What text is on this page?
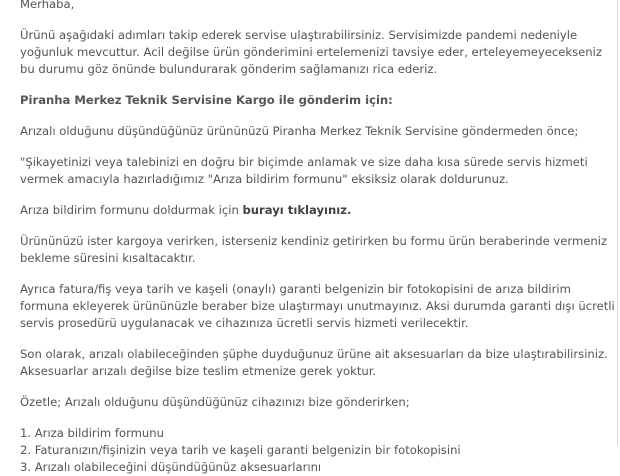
Merhaba,

Ürünü aşağıdaki adımları takip ederek servise ulaştırabilirsiniz. Servisimizde pandemi nedeniyle yoğunluk mevcuttur. Acil değilse ürün gönderimini ertelemenizi tavsiye eder, erteleyemeyecekseniz bu durumu göz önünde bulundurarak gönderim sağlamanızı rica ederiz.

Piranha Merkez Teknik Servisine Kargo ile gönderim için:

Arızalı olduğunu düşündüğünüz ürününüzü Piranha Merkez Teknik Servisine göndermeden önce;

"Şikayetinizi veya talebinizi en doğru bir biçimde anlamak ve size daha kısa sürede servis hizmeti vermek amacıyla hazırladığımız "Arıza bildirim formunu" eksiksiz olarak doldurunuz.

Arıza bildirim formunu doldurmak için burayı tıklayınız.

Ürününüzü ister kargoya verirken, isterseniz kendiniz getirirken bu formu ürün beraberinde vermeniz bekleme süresini kısaltacaktır.

Ayrıca fatura/fiş veya tarih ve kaşeli (onaylı) garanti belgenizin bir fotokopisini de arıza bildirim formuna ekleyerek ürününüzle beraber bize ulaştırmayı unutmayınız. Aksi durumda garanti dışı ücretli servis prosedürü uygulanacak ve cihazınıza ücretli servis hizmeti verilecektir.

Son olarak, arızalı olabileceğinden şüphe duyduğunuz ürüne ait aksesuarları da bize ulaştırabilirsiniz. Aksesuarlar arızalı değilse bize teslim etmenize gerek yoktur.

Özetle; Arızalı olduğunu düşündüğünüz cihazınızı bize gönderirken;

1. Arıza bildirim formunu

2. Faturanızın/fişinizin veya tarih ve kaşeli garanti belgenizin bir fotokopisini

3. Arızalı olabileceğini düşündüğünüz aksesuarlarını
